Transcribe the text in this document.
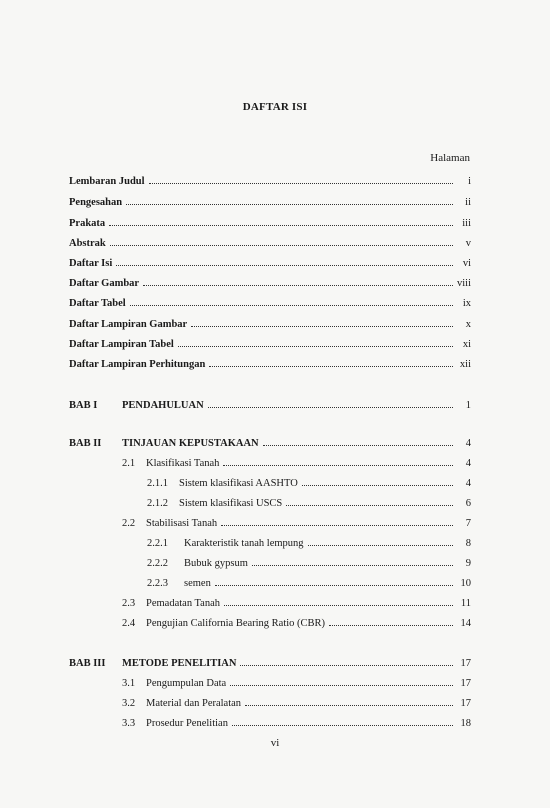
DAFTAR ISI
Halaman
Lembaran Judul	i
Pengesahan	ii
Prakata	iii
Abstrak	v
Daftar Isi	vi
Daftar Gambar	viii
Daftar Tabel	ix
Daftar Lampiran Gambar	x
Daftar Lampiran Tabel	xi
Daftar Lampiran Perhitungan	xii
BAB I	PENDAHULUAN	1
BAB II	TINJAUAN KEPUSTAKAAN	4
2.1	Klasifikasi Tanah	4
2.1.1	Sistem klasifikasi AASHTO	4
2.1.2	Sistem klasifikasi USCS	6
2.2	Stabilisasi Tanah	7
2.2.1	Karakteristik tanah lempung	8
2.2.2	Bubuk gypsum	9
2.2.3	semen	10
2.3	Pemadatan Tanah	11
2.4	Pengujian California Bearing Ratio (CBR)	14
BAB III	METODE PENELITIAN	17
3.1	Pengumpulan Data	17
3.2	Material dan Peralatan	17
3.3	Prosedur Penelitian	18
vi
